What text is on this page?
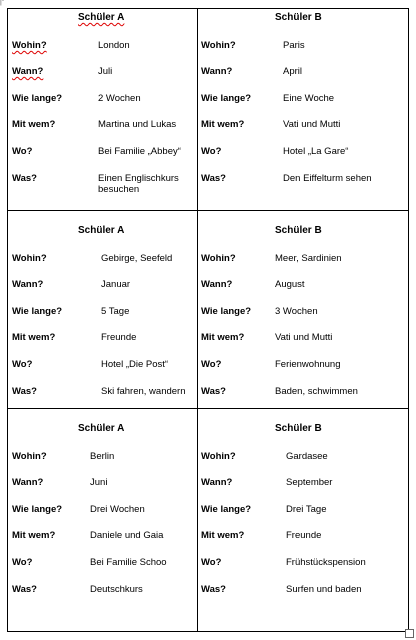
|"
Schüler A
Wohin?	London
Wann?	Juli
Wie lange?	2 Wochen
Mit wem?	Martina und Lukas
Wo?	Bei Familie „Abbey“
Was?	Einen Englischkurs
besuchen
Schüler B
Wohin?	Paris
Wann?	April
Wie lange?	Eine Woche
Mit wem?	Vati und Mutti
Wo?	Hotel „La Gare“
Was?	Den Eiffelturm sehen
Schüler A
Wohin?	Gebirge, Seefeld
Wann?	Januar
Wie lange?	5 Tage
Mit wem?	Freunde
Wo?	Hotel „Die Post“
Was?	Ski fahren, wandern
Schüler B
Wohin?	Meer, Sardinien
Wann?	August
Wie lange?	3 Wochen
Mit wem?	Vati und Mutti
Wo?	Ferienwohnung
Was?	Baden, schwimmen
Schüler A
Wohin?	Berlin
Wann?	Juni
Wie lange?	Drei Wochen
Mit wem?	Daniele und Gaia
Wo?	Bei Familie Schoo
Was?	Deutschkurs
Schüler B
Wohin?	Gardasee
Wann?	September
Wie lange?	Drei Tage
Mit wem?	Freunde
Wo?	Frühstückspension
Was?	Surfen und baden
